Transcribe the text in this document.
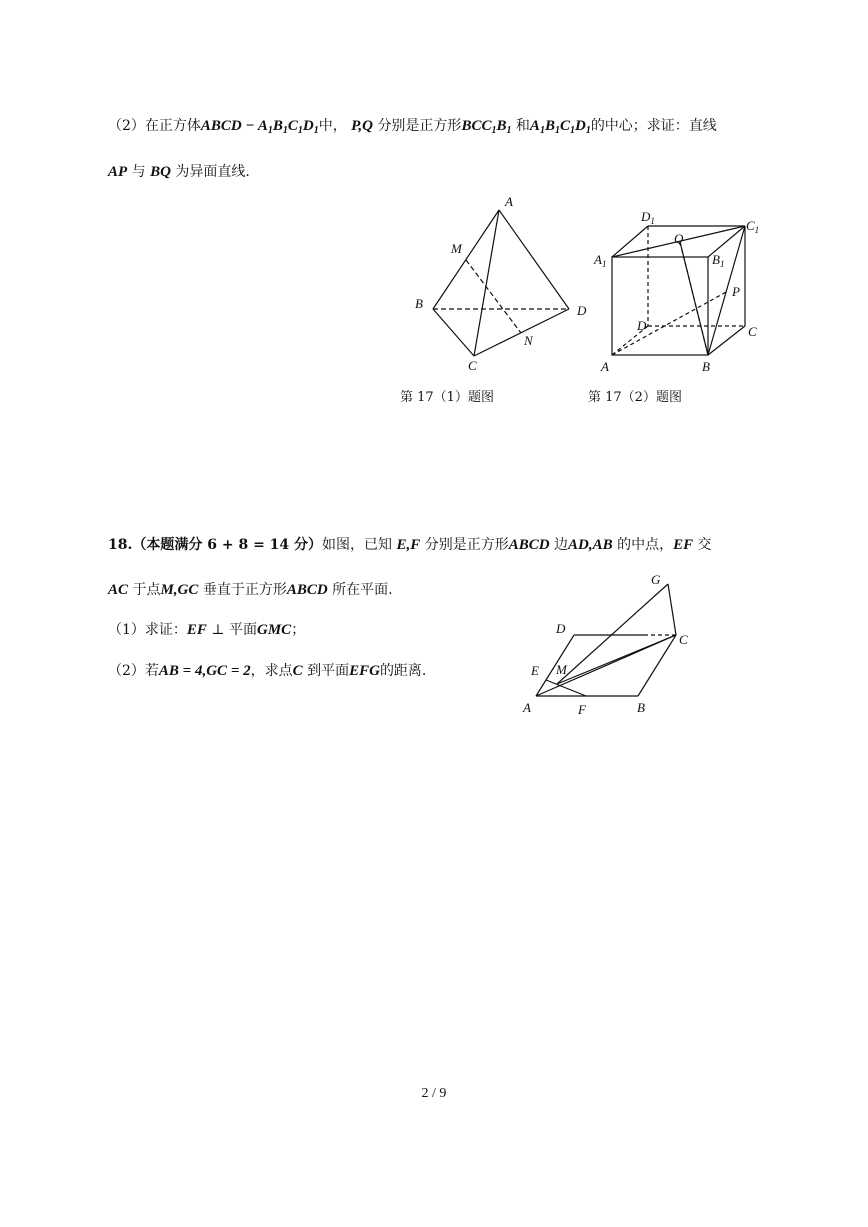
（2）在正方体ABCD − $A_1B_1C_1D_1$中， P,Q 分别是正方形$BCC_1B_1$ 和$A_1B_1C_1D_1$的中心；求证：直线
AP 与 BQ 为异面直线.
A
M
B	D
N
C
$D_1$	$C_1$
Q
$A_1$	$B_1$
P
D	C
A	B
第 17（1）题图	第 17（2）题图
18.（本题满分 6 + 8 = 14 分）如图，已知 E,F 分别是正方形ABCD 边AD,AB 的中点，EF 交
AC 于点M,GC 垂直于正方形ABCD 所在平面.
（1）求证：EF ⊥ 平面GMC；
（2）若AB = 4,GC = 2，求点C 到平面EFG的距离.
G
D
C
E M
A	F	B
2 / 9
